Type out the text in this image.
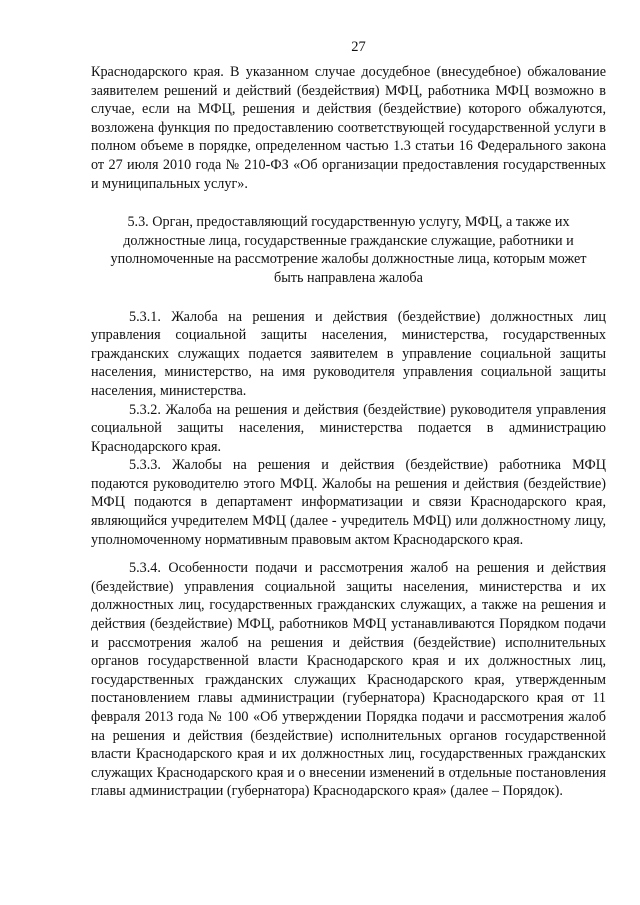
27

Краснодарского края. В указанном случае досудебное (внесудебное) обжалование заявителем решений и действий (бездействия) МФЦ, работника МФЦ возможно в случае, если на МФЦ, решения и действия (бездействие) которого обжалуются, возложена функция по предоставлению соответствующей государственной услуги в полном объеме в порядке, определенном частью 1.3 статьи 16 Федерального закона от 27 июля 2010 года № 210-ФЗ «Об организации предоставления государственных и муниципальных услуг».

5.3. Орган, предоставляющий государственную услугу, МФЦ, а также их должностные лица, государственные гражданские служащие, работники и уполномоченные на рассмотрение жалобы должностные лица, которым может быть направлена жалоба

5.3.1. Жалоба на решения и действия (бездействие) должностных лиц управления социальной защиты населения, министерства, государственных гражданских служащих подается заявителем в управление социальной защиты населения, министерство, на имя руководителя управления социальной защиты населения, министерства.

5.3.2. Жалоба на решения и действия (бездействие) руководителя управления социальной защиты населения, министерства подается в администрацию Краснодарского края.

5.3.3. Жалобы на решения и действия (бездействие) работника МФЦ подаются руководителю этого МФЦ. Жалобы на решения и действия (бездействие) МФЦ подаются в департамент информатизации и связи Краснодарского края, являющийся учредителем МФЦ (далее - учредитель МФЦ) или должностному лицу, уполномоченному нормативным правовым актом Краснодарского края.

5.3.4. Особенности подачи и рассмотрения жалоб на решения и действия (бездействие) управления социальной защиты населения, министерства и их должностных лиц, государственных гражданских служащих, а также на решения и действия (бездействие) МФЦ, работников МФЦ устанавливаются Порядком подачи и рассмотрения жалоб на решения и действия (бездействие) исполнительных органов государственной власти Краснодарского края и их должностных лиц, государственных гражданских служащих Краснодарского края, утвержденным постановлением главы администрации (губернатора) Краснодарского края от 11 февраля 2013 года № 100 «Об утверждении Порядка подачи и рассмотрения жалоб на решения и действия (бездействие) исполнительных органов государственной власти Краснодарского края и их должностных лиц, государственных гражданских служащих Краснодарского края и о внесении изменений в отдельные постановления главы администрации (губернатора) Краснодарского края» (далее – Порядок).
